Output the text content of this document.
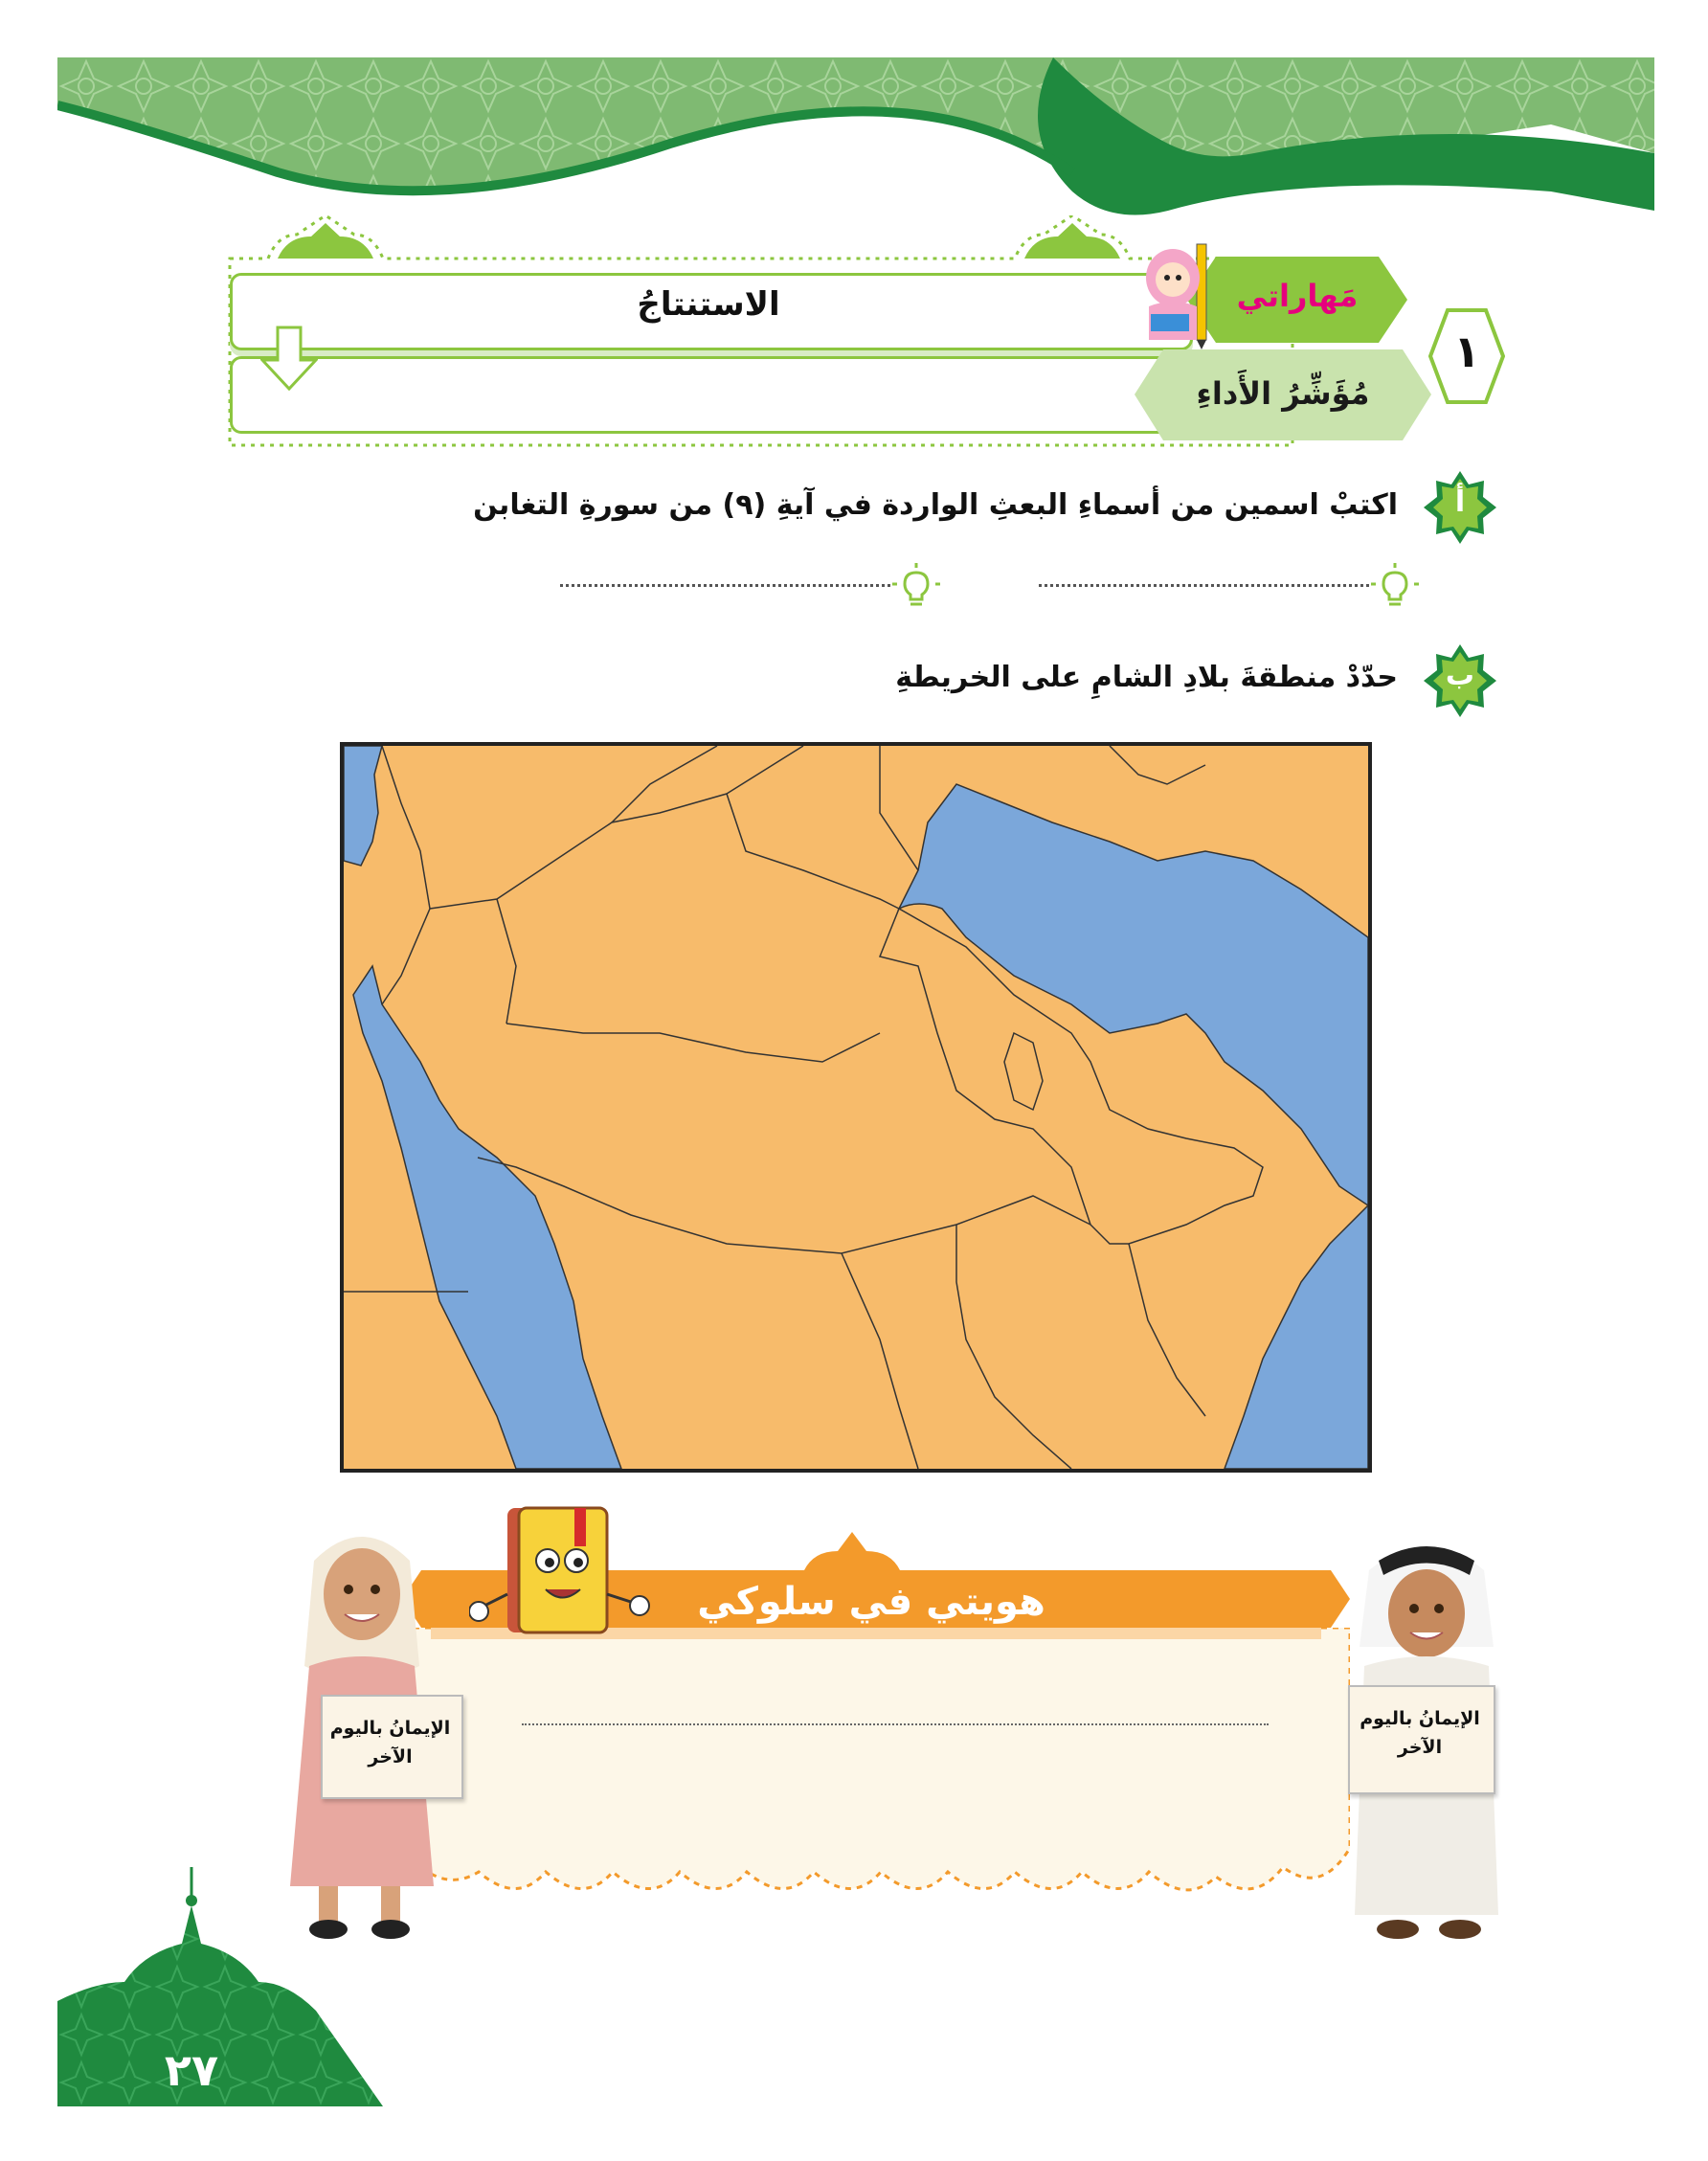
الاستنتاجُ	مَهاراتي
مُؤَشِّرُ الأَداءِ
١
أ
اكتبْ اسمين من أسماءِ البعثِ الواردة في آيةِ (٩) من سورةِ التغابن
ب
حدّدْ منطقةَ بلادِ الشامِ على الخريطةِ
هويتي في سلوكي
الإيمانُ باليوم الآخر
الإيمانُ باليوم الآخر
٢٧
